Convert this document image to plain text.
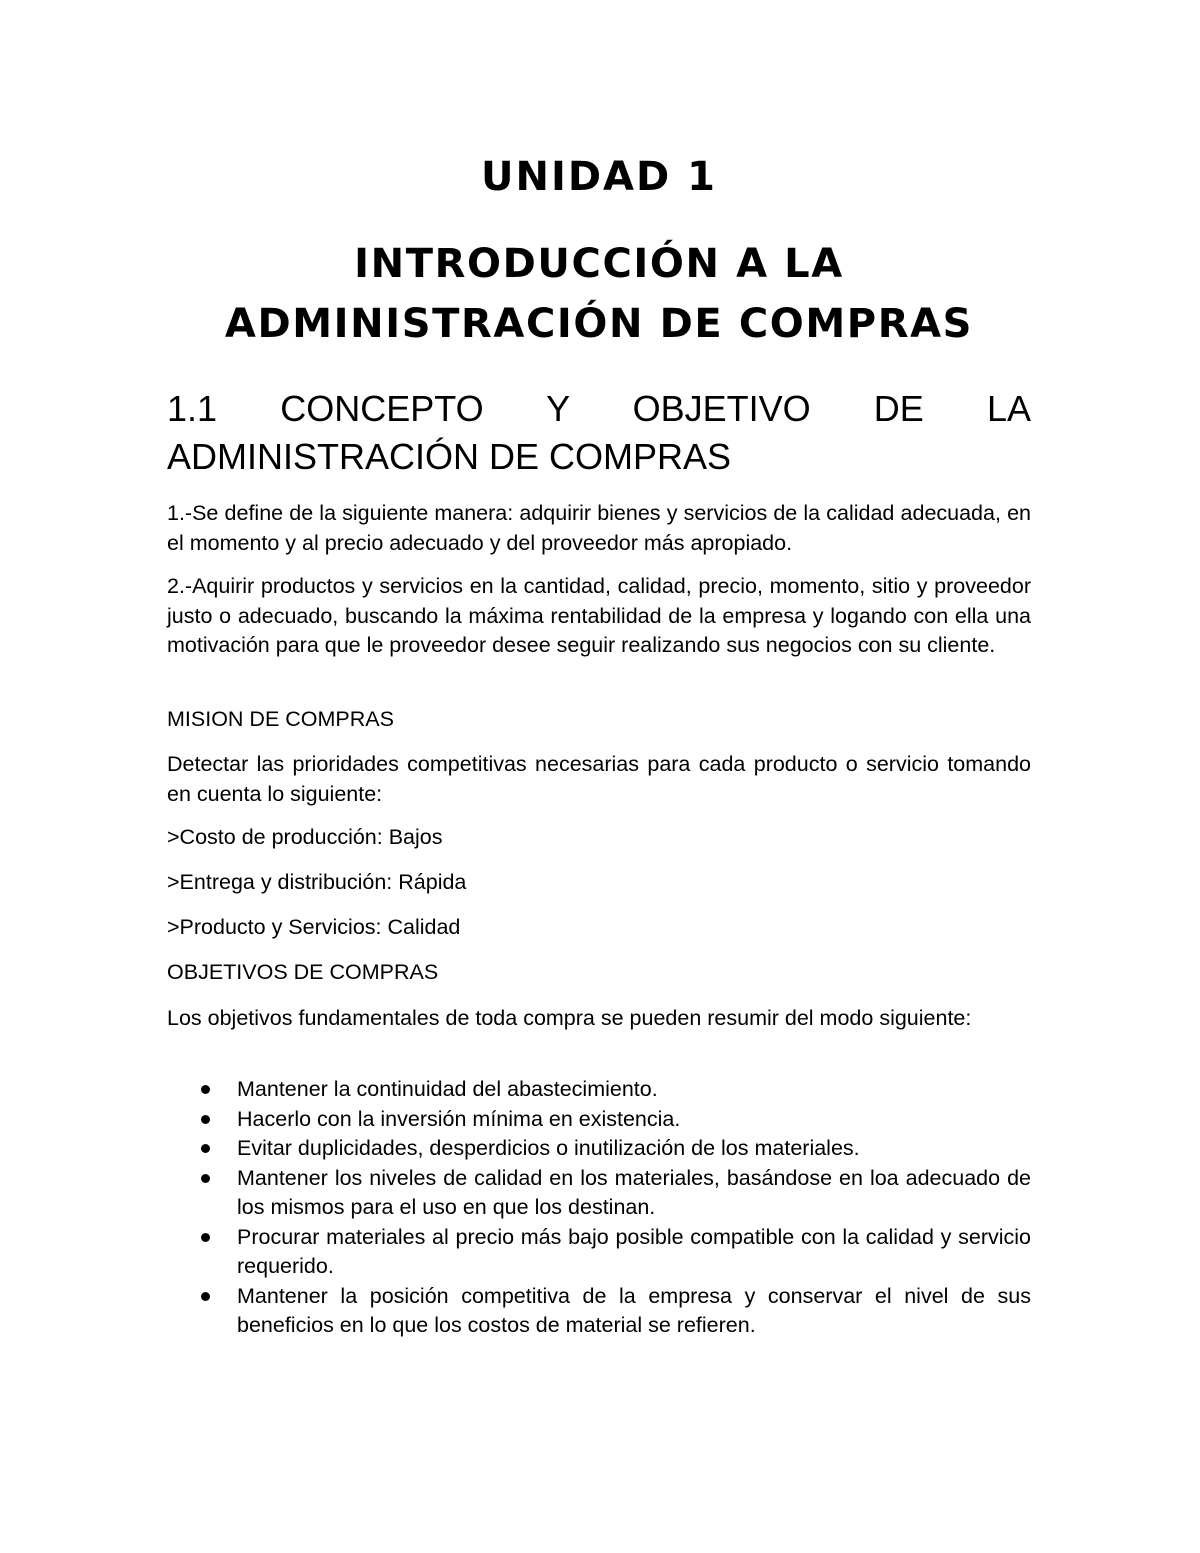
UNIDAD 1
INTRODUCCIÓN A LA
ADMINISTRACIÓN DE COMPRAS
1.1 CONCEPTO Y OBJETIVO DE LA
ADMINISTRACIÓN DE COMPRAS

1.-Se define de la siguiente manera: adquirir bienes y servicios de la calidad adecuada, en el momento y al precio adecuado y del proveedor más apropiado.

2.-Aquirir productos y servicios en la cantidad, calidad, precio, momento, sitio y proveedor justo o adecuado, buscando la máxima rentabilidad de la empresa y logando con ella una motivación para que le proveedor desee seguir realizando sus negocios con su cliente.

MISION DE COMPRAS

Detectar las prioridades competitivas necesarias para cada producto o servicio tomando en cuenta lo siguiente:

>Costo de producción: Bajos

>Entrega y distribución: Rápida

>Producto y Servicios: Calidad

OBJETIVOS DE COMPRAS

Los objetivos fundamentales de toda compra se pueden resumir del modo siguiente:

Mantener la continuidad del abastecimiento.
Hacerlo con la inversión mínima en existencia.
Evitar duplicidades, desperdicios o inutilización de los materiales.
Mantener los niveles de calidad en los materiales, basándose en loa adecuado de los mismos para el uso en que los destinan.
Procurar materiales al precio más bajo posible compatible con la calidad y servicio requerido.
Mantener la posición competitiva de la empresa y conservar el nivel de sus beneficios en lo que los costos de material se refieren.
